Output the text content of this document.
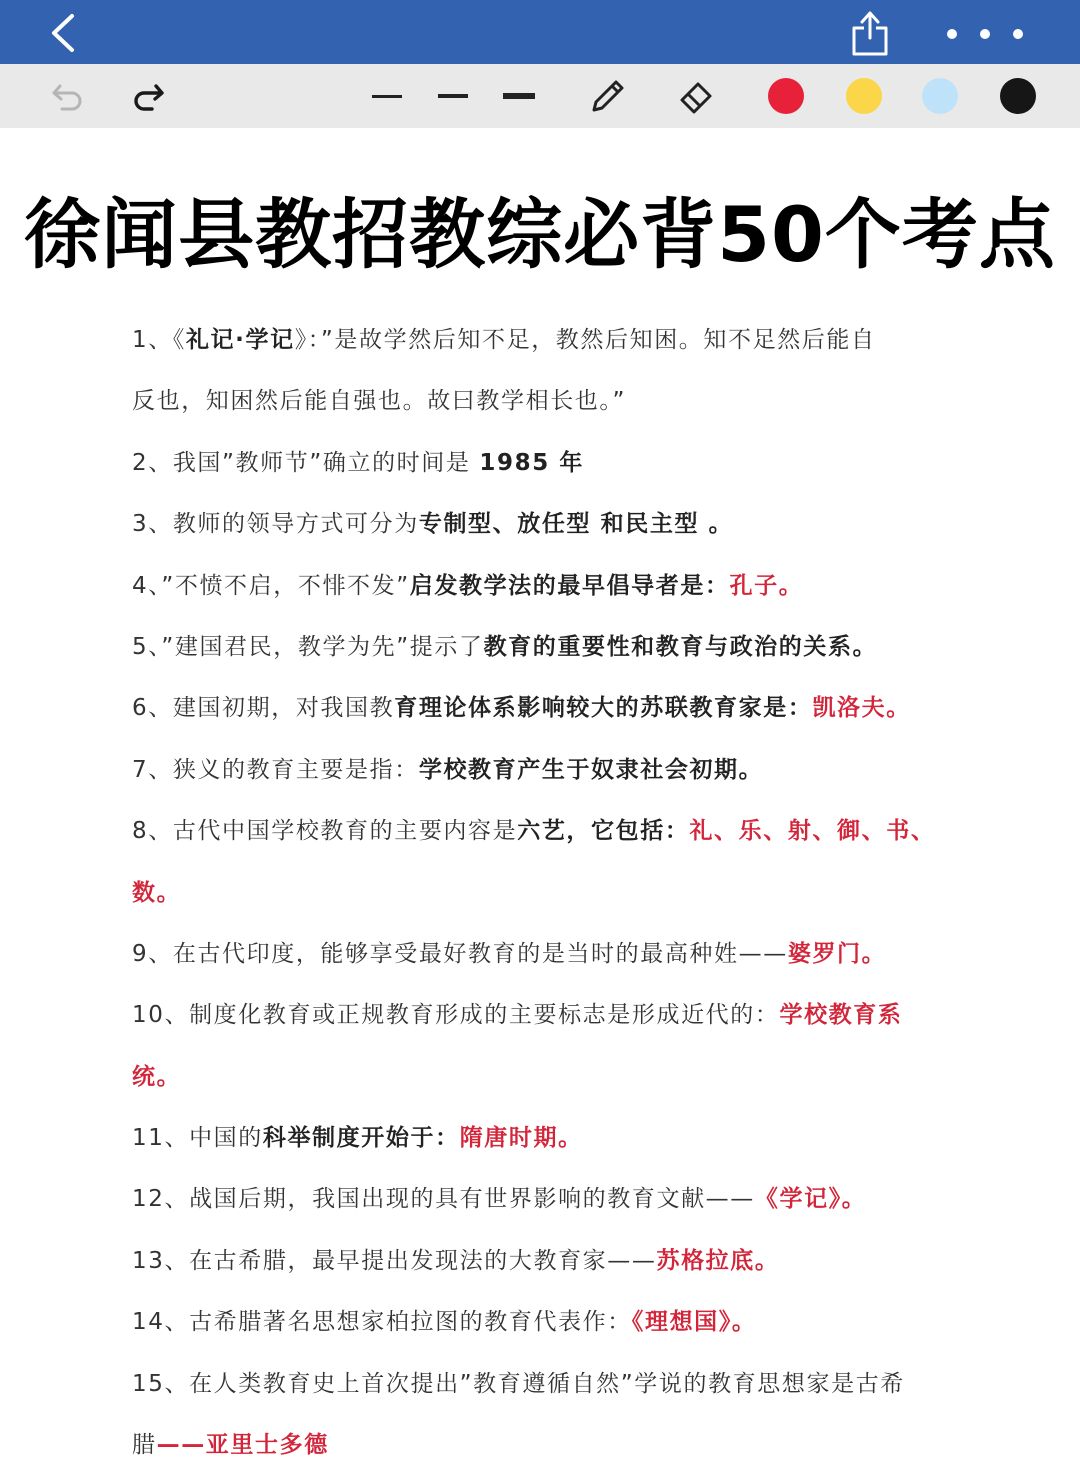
徐闻县教招教综必背50个考点
1、《礼记·学记》：”是故学然后知不足，教然后知困。知不足然后能自
反也，知困然后能自强也。故曰教学相长也。”
2、我国”教师节”确立的时间是 1985 年
3、教师的领导方式可分为专制型、放任型 和民主型 。
4、”不愤不启，不悱不发”启发教学法的最早倡导者是：孔子。
5、”建国君民，教学为先”提示了教育的重要性和教育与政治的关系。
6、建国初期，对我国教育理论体系影响较大的苏联教育家是：凯洛夫。
7、狭义的教育主要是指：学校教育产生于奴隶社会初期。
8、古代中国学校教育的主要内容是六艺，它包括：礼、乐、射、御、书、
数。
9、在古代印度，能够享受最好教育的是当时的最高种姓——婆罗门。
10、制度化教育或正规教育形成的主要标志是形成近代的：学校教育系
统。
11、中国的科举制度开始于：隋唐时期。
12、战国后期，我国出现的具有世界影响的教育文献——《学记》。
13、在古希腊，最早提出发现法的大教育家——苏格拉底。
14、古希腊著名思想家柏拉图的教育代表作：《理想国》。
15、在人类教育史上首次提出”教育遵循自然”学说的教育思想家是古希
腊——亚里士多德
